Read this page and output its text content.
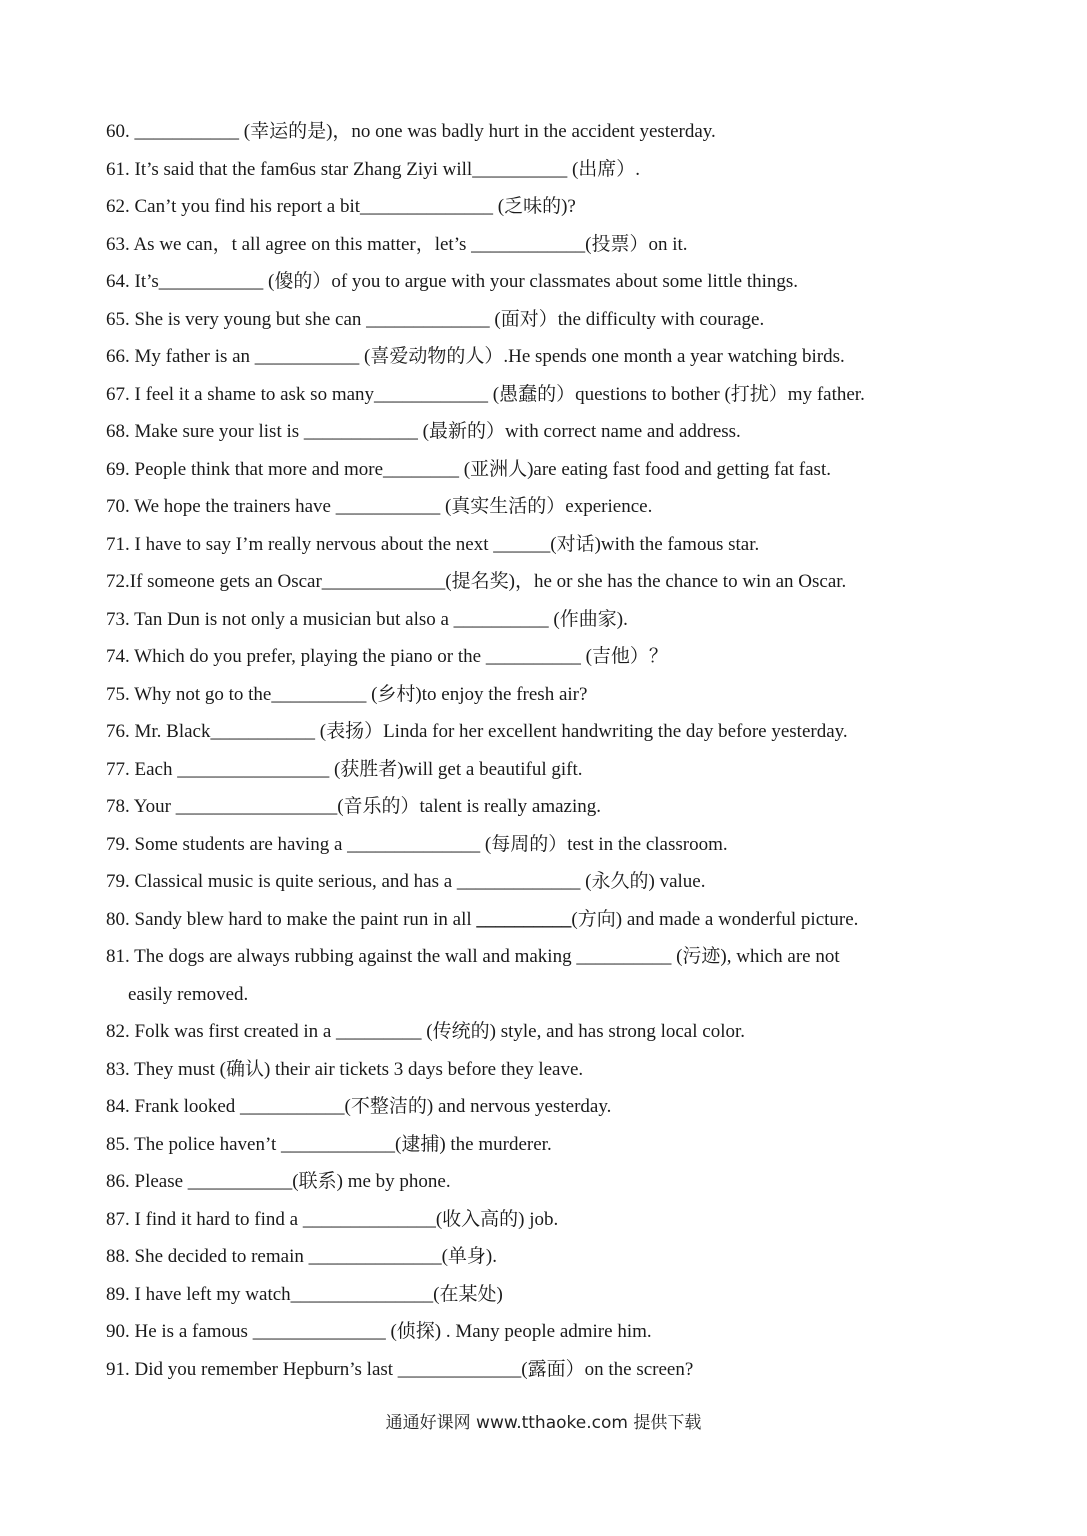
60. ___________ (幸运的是)，no one was badly hurt in the accident yesterday.
61. It’s said that the fam6us star Zhang Ziyi will__________ (出席）.
62. Can’t you find his report a bit______________ (乏味的)?
63. As we can，t all agree on this matter，let’s ____________(投票）on it.
64. It’s___________ (傻的）of you to argue with your classmates about some little things.
65. She is very young but she can _____________ (面对）the difficulty with courage.
66. My father is an ___________ (喜爱动物的人）.He spends one month a year watching birds.
67. I feel it a shame to ask so many____________ (愚蠢的）questions to bother (打扰）my father.
68. Make sure your list is ____________ (最新的）with correct name and address.
69. People think that more and more________ (亚洲人)are eating fast food and getting fat fast.
70. We hope the trainers have ___________ (真实生活的）experience.
71. I have to say I’m really nervous about the next ______(对话)with the famous star.
72.If someone gets an Oscar_____________(提名奖)，he or she has the chance to win an Oscar.
73. Tan Dun is not only a musician but also a __________ (作曲家).
74. Which do you prefer, playing the piano or the __________ (吉他）？
75. Why not go to the__________ (乡村)to enjoy the fresh air?
76. Mr. Black___________ (表扬）Linda for her excellent handwriting the day before yesterday.
77. Each ________________ (获胜者)will get a beautiful gift.
78. Your _________________(音乐的）talent is really amazing.
79. Some students are having a ______________ (每周的）test in the classroom.
79. Classical music is quite serious, and has a _____________ (永久的) value.
80. Sandy blew hard to make the paint run in all __________(方向) and made a wonderful picture.
81. The dogs are always rubbing against the wall and making __________ (污迹), which are not
easily removed.
82. Folk was first created in a _________ (传统的) style, and has strong local color.
83. They must (确认) their air tickets 3 days before they leave.
84. Frank looked ___________(不整洁的) and nervous yesterday.
85. The police haven’t ____________(逮捕) the murderer.
86. Please ___________(联系) me by phone.
87. I find it hard to find a ______________(收入高的) job.
88. She decided to remain ______________(单身).
89. I have left my watch_______________(在某处)
90. He is a famous ______________ (侦探) . Many people admire him.
91. Did you remember Hepburn’s last _____________(露面）on the screen?
通通好课网 www.tthaoke.com 提供下载
